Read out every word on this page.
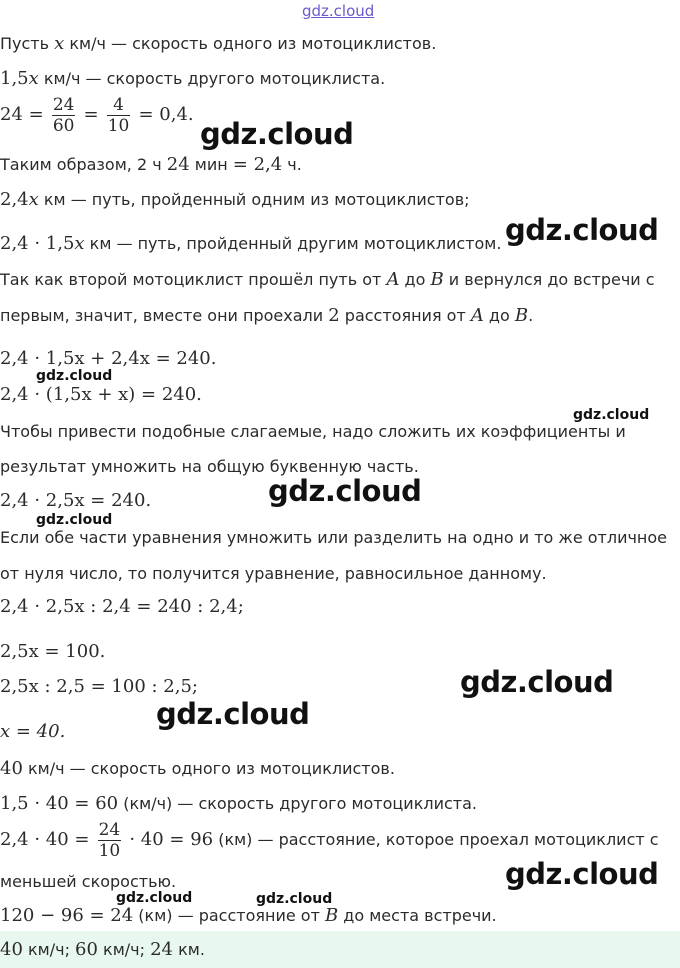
gdz.cloud
gdz.cloud
gdz.cloud
gdz.cloud
gdz.cloud
gdz.cloud
gdz.cloud
gdz.cloud
gdz.cloud
gdz.cloud
gdz.cloud	gdz.cloud
Пусть x км/ч — скорость одного из мотоциклистов.
1,5x км/ч — скорость другого мотоциклиста.
$24 = \frac{24}{60} = \frac{4}{10} = 0,4$.
Таким образом, 2 ч 24 мин = 2,4 ч.
2,4x км — путь, пройденный одним из мотоциклистов;
2,4 · 1,5x км — путь, пройденный другим мотоциклистом.
Так как второй мотоциклист прошёл путь от A до B и вернулся до встречи с
первым, значит, вместе они проехали 2 расстояния от A до B.
2,4 · 1,5x + 2,4x = 240.
2,4 · (1,5x + x) = 240.
Чтобы привести подобные слагаемые, надо сложить их коэффициенты и
результат умножить на общую буквенную часть.
2,4 · 2,5x = 240.
Если обе части уравнения умножить или разделить на одно и то же отличное
от нуля число, то получится уравнение, равносильное данному.
2,4 · 2,5x : 2,4 = 240 : 2,4;
2,5x = 100.
2,5x : 2,5 = 100 : 2,5;
x = 40.
40 км/ч — скорость одного из мотоциклистов.
1,5 · 40 = 60 (км/ч) — скорость другого мотоциклиста.
$2,4 \cdot 40 = \frac{24}{10} \cdot 40 = 96$ (км) — расстояние, которое проехал мотоциклист с
меньшей скоростью.
120 − 96 = 24 (км) — расстояние от B до места встречи.
40 км/ч; 60 км/ч; 24 км.
